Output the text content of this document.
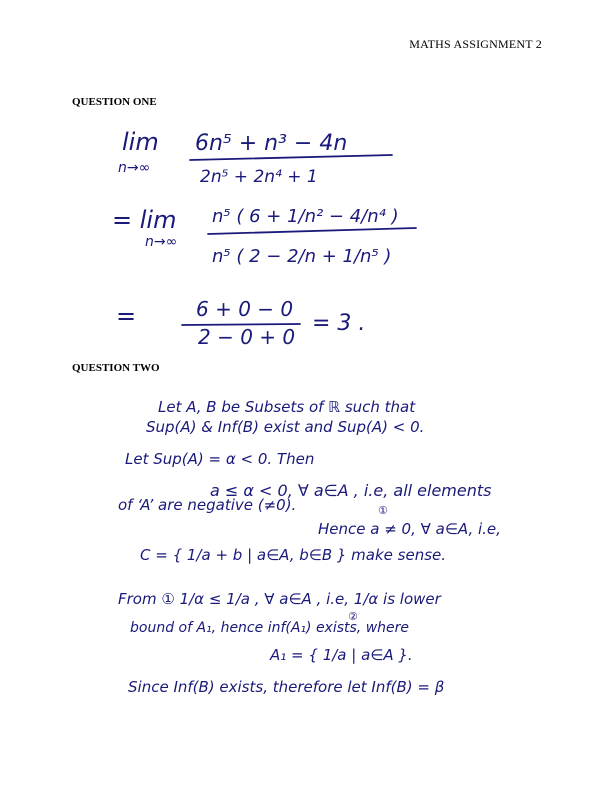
MATHS ASSIGNMENT 2
QUESTION ONE
QUESTION TWO
lim
n→∞
6n⁵ + n³ − 4n
2n⁵ + 2n⁴ + 1
= lim
n→∞
n⁵ ( 6 + 1/n² − 4/n⁴ )
n⁵ ( 2 − 2/n + 1/n⁵ )
=	6 + 0 − 0
2 − 0 + 0
= 3 .
Let A, B be Subsets of ℝ such that
Sup(A) & Inf(B) exist and Sup(A) < 0.
Let Sup(A) = α < 0. Then
a ≤ α < 0, ∀ a∈A , i.e, all elements
①
of ‘A’ are negative (≠0).
Hence a ≠ 0, ∀ a∈A, i.e,
C = { 1/a + b | a∈A, b∈B } make sense.
From ① 1/α ≤ 1/a , ∀ a∈A , i.e, 1/α is lower
②
bound of A₁, hence inf(A₁) exists, where
A₁ = { 1/a | a∈A }.
Since Inf(B) exists, therefore let Inf(B) = β
